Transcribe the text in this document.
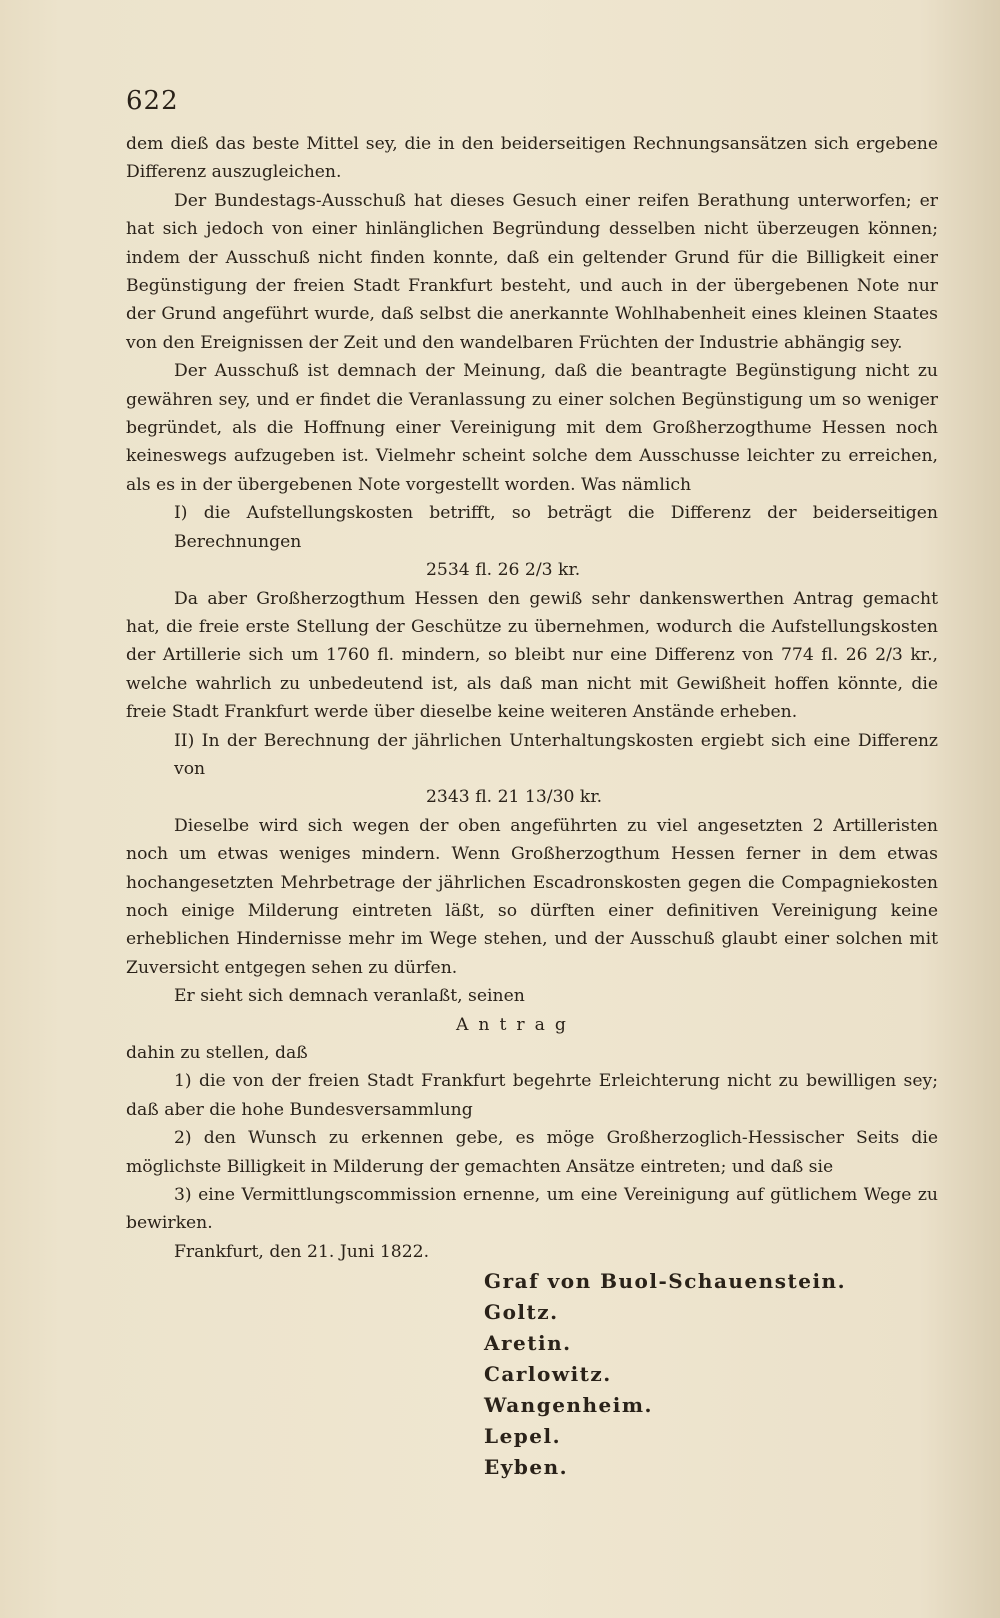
622

dem dieß das beste Mittel sey, die in den beiderseitigen Rechnungsansätzen sich ergebene Differenz auszugleichen.

Der Bundestags-Ausschuß hat dieses Gesuch einer reifen Berathung unterworfen; er hat sich jedoch von einer hinlänglichen Begründung desselben nicht überzeugen können; indem der Ausschuß nicht finden konnte, daß ein geltender Grund für die Billigkeit einer Begünstigung der freien Stadt Frankfurt besteht, und auch in der übergebenen Note nur der Grund angeführt wurde, daß selbst die anerkannte Wohlhabenheit eines kleinen Staates von den Ereignissen der Zeit und den wandelbaren Früchten der Industrie abhängig sey.

Der Ausschuß ist demnach der Meinung, daß die beantragte Begünstigung nicht zu gewähren sey, und er findet die Veranlassung zu einer solchen Begünstigung um so weniger begründet, als die Hoffnung einer Vereinigung mit dem Großherzogthume Hessen noch keineswegs aufzugeben ist. Vielmehr scheint solche dem Ausschusse leichter zu erreichen, als es in der übergebenen Note vorgestellt worden. Was nämlich

I) die Aufstellungskosten betrifft, so beträgt die Differenz der beiderseitigen Berechnungen

2534 fl. 26 2/3 kr.

Da aber Großherzogthum Hessen den gewiß sehr dankenswerthen Antrag gemacht hat, die freie erste Stellung der Geschütze zu übernehmen, wodurch die Aufstellungskosten der Artillerie sich um 1760 fl. mindern, so bleibt nur eine Differenz von 774 fl. 26 2/3 kr., welche wahrlich zu unbedeutend ist, als daß man nicht mit Gewißheit hoffen könnte, die freie Stadt Frankfurt werde über dieselbe keine weiteren Anstände erheben.

II) In der Berechnung der jährlichen Unterhaltungskosten ergiebt sich eine Differenz von

2343 fl. 21 13/30 kr.

Dieselbe wird sich wegen der oben angeführten zu viel angesetzten 2 Artilleristen noch um etwas weniges mindern. Wenn Großherzogthum Hessen ferner in dem etwas hochangesetzten Mehrbetrage der jährlichen Escadronskosten gegen die Compagniekosten noch einige Milderung eintreten läßt, so dürften einer definitiven Vereinigung keine erheblichen Hindernisse mehr im Wege stehen, und der Ausschuß glaubt einer solchen mit Zuversicht entgegen sehen zu dürfen.

Er sieht sich demnach veranlaßt, seinen

Antrag

dahin zu stellen, daß

1) die von der freien Stadt Frankfurt begehrte Erleichterung nicht zu bewilligen sey; daß aber die hohe Bundesversammlung

2) den Wunsch zu erkennen gebe, es möge Großherzoglich-Hessischer Seits die möglichste Billigkeit in Milderung der gemachten Ansätze eintreten; und daß sie

3) eine Vermittlungscommission ernenne, um eine Vereinigung auf gütlichem Wege zu bewirken.

Frankfurt, den 21. Juni 1822.

Graf von Buol-Schauenstein.

Goltz.

Aretin.

Carlowitz.

Wangenheim.

Lepel.

Eyben.
